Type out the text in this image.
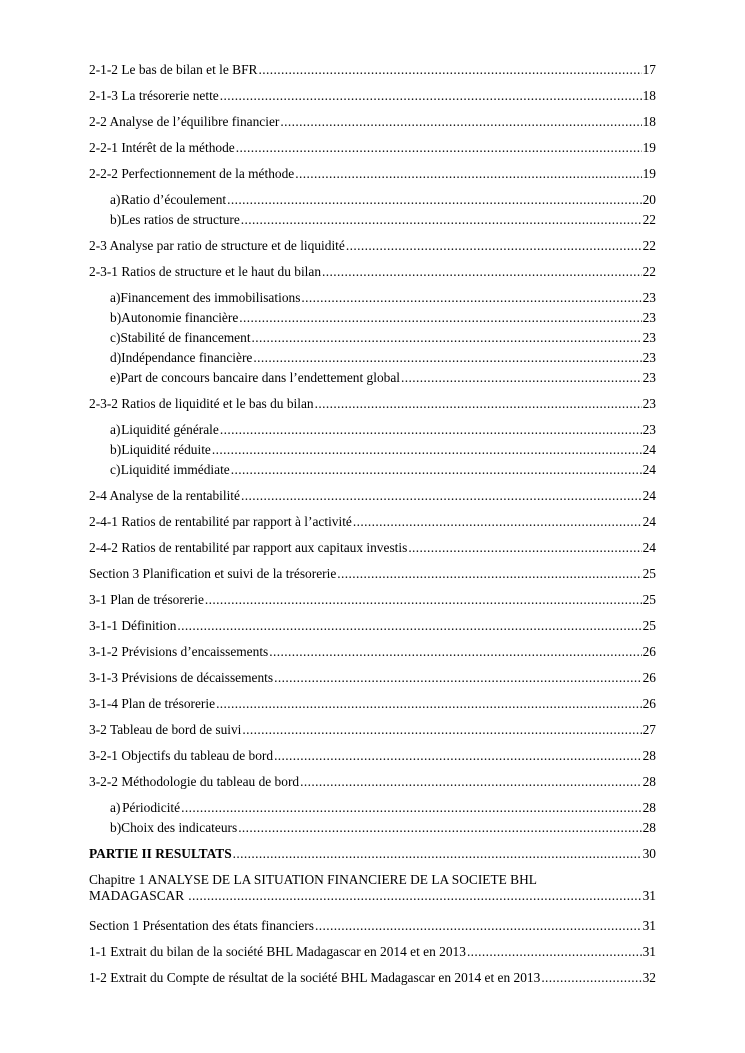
2-1-2 Le bas de bilan et le BFR .....	17
2-1-3 La trésorerie nette .....	18
2-2 Analyse de l’équilibre financier .....	18
2-2-1 Intérêt de la méthode .....	19
2-2-2 Perfectionnement de la méthode .....	19
a) Ratio d’écoulement .....	20
b) Les ratios de structure .....	22
2-3 Analyse par ratio de structure et de liquidité .....	22
2-3-1 Ratios de structure et le haut du bilan .....	22
a) Financement des immobilisations .....	23
b) Autonomie financière .....	23
c) Stabilité de financement .....	23
d) Indépendance financière .....	23
e) Part de concours bancaire dans l’endettement global .....	23
2-3-2 Ratios de liquidité et le bas du bilan .....	23
a) Liquidité générale .....	23
b) Liquidité réduite .....	24
c) Liquidité immédiate .....	24
2-4 Analyse de la rentabilité .....	24
2-4-1 Ratios de rentabilité par rapport à l’activité .....	24
2-4-2 Ratios de rentabilité par rapport aux capitaux investis .....	24
Section 3 Planification et suivi de la trésorerie .....	25
3-1 Plan de trésorerie .....	25
3-1-1 Définition .....	25
3-1-2 Prévisions d’encaissements .....	26
3-1-3 Prévisions de décaissements .....	26
3-1-4 Plan de trésorerie .....	26
3-2 Tableau de bord de suivi .....	27
3-2-1 Objectifs du tableau de bord .....	28
3-2-2 Méthodologie du tableau de bord .....	28
a) Périodicité .....	28
b) Choix des indicateurs .....	28
PARTIE II RESULTATS .....	30
Chapitre 1 ANALYSE DE LA SITUATION FINANCIERE DE LA SOCIETE BHL
MADAGASCAR .....	31
Section 1 Présentation des états financiers .....	31
1-1 Extrait du bilan de la société BHL Madagascar en 2014 et en 2013 .....	31
1-2 Extrait du Compte de résultat de la société BHL Madagascar en 2014 et en 2013 .....	32
